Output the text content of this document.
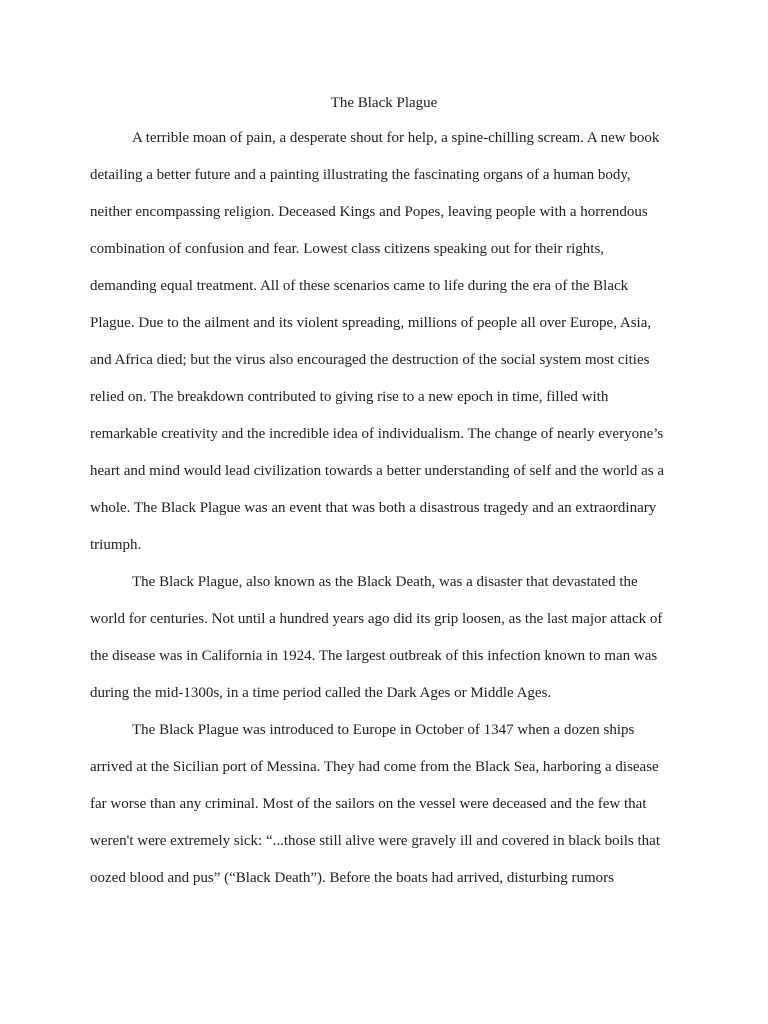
The Black Plague
A terrible moan of pain, a desperate shout for help, a spine-chilling scream. A new book
detailing a better future and a painting illustrating the fascinating organs of a human body,
neither encompassing religion. Deceased Kings and Popes, leaving people with a horrendous
combination of confusion and fear. Lowest class citizens speaking out for their rights,
demanding equal treatment. All of these scenarios came to life during the era of the Black
Plague. Due to the ailment and its violent spreading, millions of people all over Europe, Asia,
and Africa died; but the virus also encouraged the destruction of the social system most cities
relied on. The breakdown contributed to giving rise to a new epoch in time, filled with
remarkable creativity and the incredible idea of individualism. The change of nearly everyone’s
heart and mind would lead civilization towards a better understanding of self and the world as a
whole. The Black Plague was an event that was both a disastrous tragedy and an extraordinary
triumph.
The Black Plague, also known as the Black Death, was a disaster that devastated the
world for centuries. Not until a hundred years ago did its grip loosen, as the last major attack of
the disease was in California in 1924. The largest outbreak of this infection known to man was
during the mid-1300s, in a time period called the Dark Ages or Middle Ages.
The Black Plague was introduced to Europe in October of 1347 when a dozen ships
arrived at the Sicilian port of Messina. They had come from the Black Sea, harboring a disease
far worse than any criminal. Most of the sailors on the vessel were deceased and the few that
weren't were extremely sick: “...those still alive were gravely ill and covered in black boils that
oozed blood and pus” (“Black Death”). Before the boats had arrived, disturbing rumors
